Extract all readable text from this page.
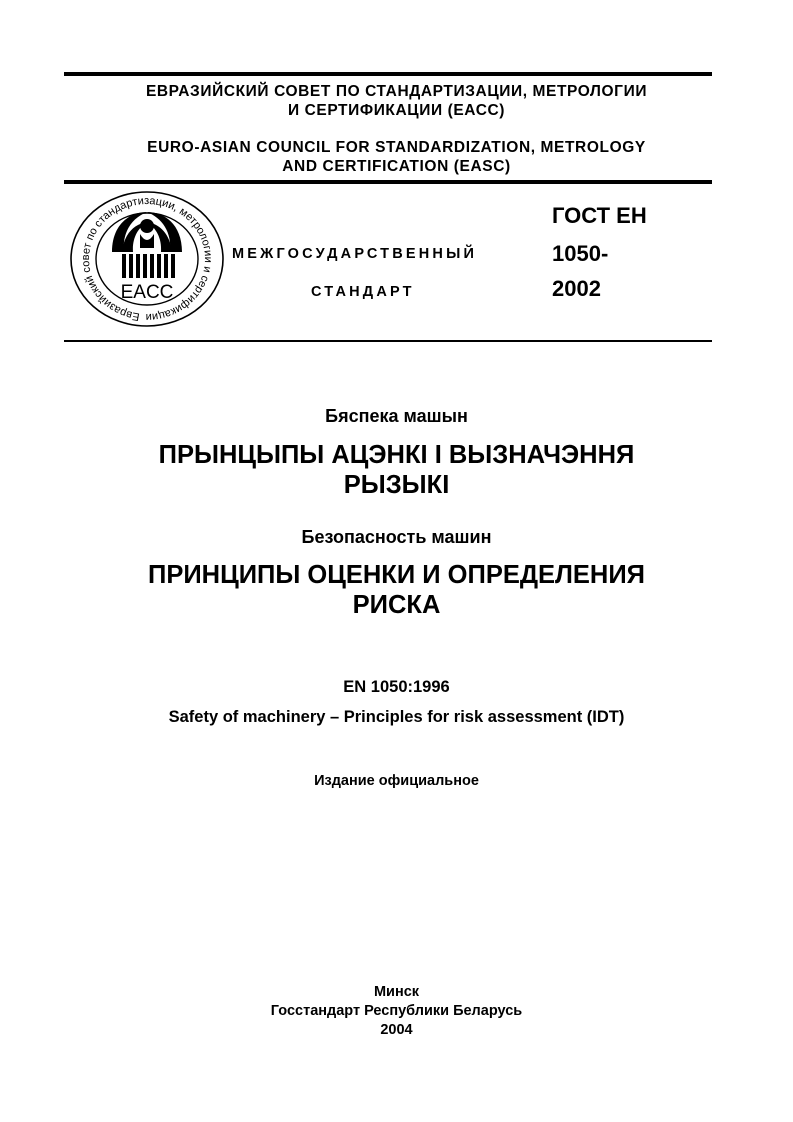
ЕВРАЗИЙСКИЙ СОВЕТ ПО СТАНДАРТИЗАЦИИ, МЕТРОЛОГИИ
И СЕРТИФИКАЦИИ (ЕАСС)
EURO-ASIAN COUNCIL FOR STANDARDIZATION, METROLOGY
AND CERTIFICATION (EASC)
Евразийский совет по стандартизации, метрологии и сертификации
EACC
МЕЖГОСУДАРСТВЕННЫЙ
СТАНДАРТ
ГОСТ ЕН
1050-
2002
Бяспека машын
ПРЫНЦЫПЫ АЦЭНКІ І ВЫЗНАЧЭННЯ
РЫЗЫКІ
Безопасность машин
ПРИНЦИПЫ ОЦЕНКИ И ОПРЕДЕЛЕНИЯ
РИСКА
EN 1050:1996
Safety of machinery – Principles for risk assessment (IDT)
Издание официальное
Минск
Госстандарт Республики Беларусь
2004
